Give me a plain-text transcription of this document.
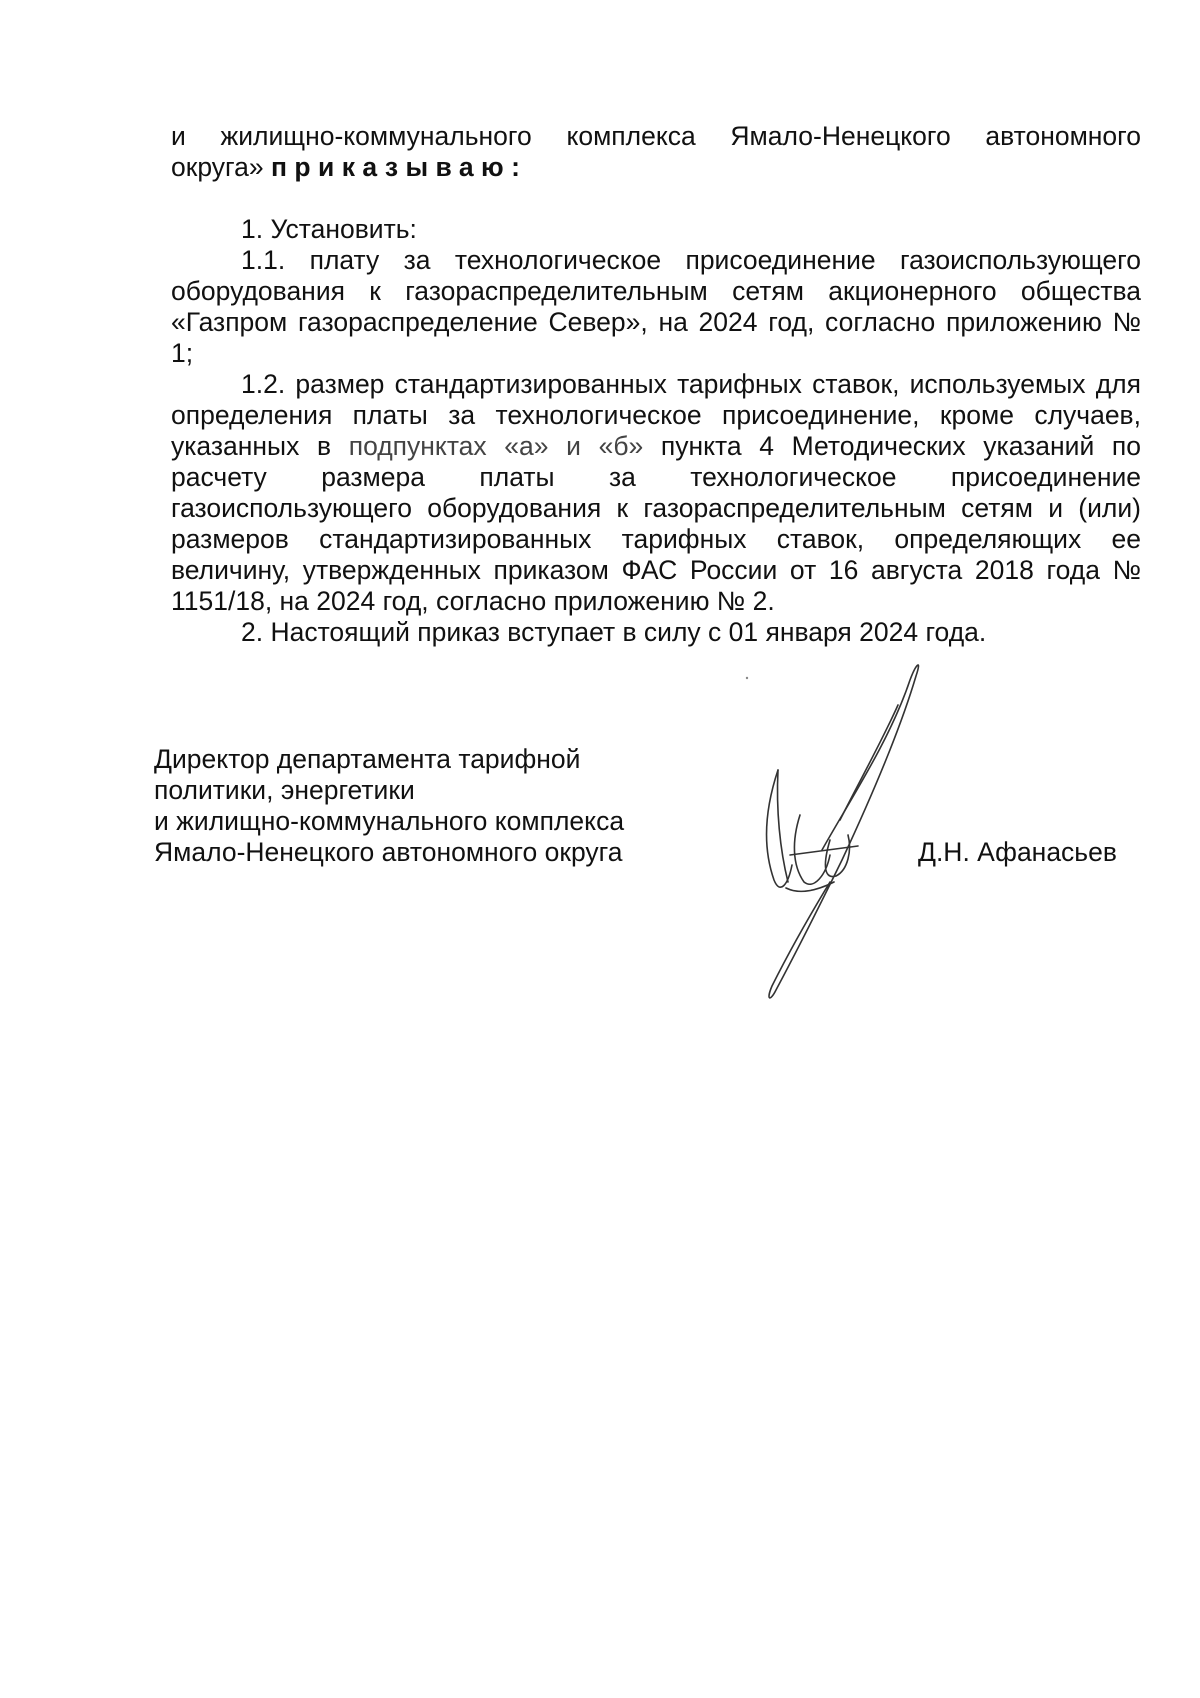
и жилищно-коммунального комплекса Ямало-Ненецкого автономного

округа» приказываю:

1. Установить:

1.1. плату за технологическое присоединение газоиспользующего оборудования к газораспределительным сетям акционерного общества «Газпром газораспределение Север», на 2024 год, согласно приложению № 1;

1.2. размер стандартизированных тарифных ставок, используемых для определения платы за технологическое присоединение, кроме случаев, указанных в подпунктах «а» и «б» пункта 4 Методических указаний по расчету размера платы за технологическое присоединение газоиспользующего оборудования к газораспределительным сетям и (или) размеров стандартизированных тарифных ставок, определяющих ее величину, утвержденных приказом ФАС России от 16 августа 2018 года № 1151/18, на 2024 год, согласно приложению № 2.

2. Настоящий приказ вступает в силу с 01 января 2024 года.

Директор департамента тарифной
политики, энергетики
и жилищно-коммунального комплекса
Ямало-Ненецкого автономного округа	Д.Н. Афанасьев
